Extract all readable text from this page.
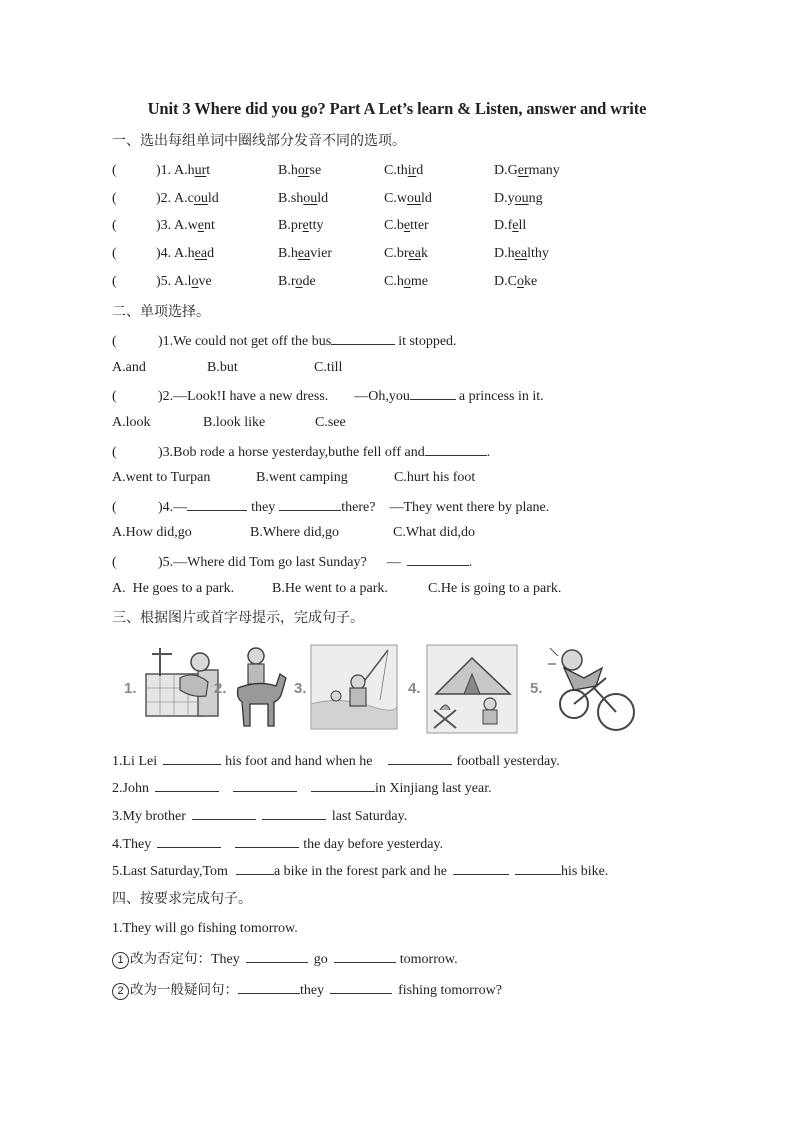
Unit 3 Where did you go? Part A Let’s learn & Listen, answer and write
一、选出每组单词中圈线部分发音不同的选项。
(	)1. A.hurt	B.horse	C.third	D.Germany
(	)2. A.could	B.should	C.would	D.young
(	)3. A.went	B.pretty	C.better	D.fell
(	)4. A.head	B.heavier	C.break	D.healthy
(	)5. A.love	B.rode	C.home	D.Coke
二、单项选择。
(	)1.We could not get off the bus	it stopped.
A.and	B.but	C.till
(	)2.—Look!I have a new dress. —Oh,you	a princess in it.
A.look	B.look like	C.see
(	)3.Bob rode a horse yesterday,buthe fell off and	.
A.went to Turpan	B.went camping	C.hurt his foot
(	)4.—	they	there? —They went there by plane.
A.How did,go	B.Where did,go	C.What did,do
(	)5.—Where did Tom go last Sunday? —	.
A.  He goes to a park.	B.He went to a park.	C.He is going to a park.
三、根据图片或首字母提示，完成句子。
1.	2.	3.	4.	5.
1.Li Lei	his foot and hand when he	football yesterday.
2.John	in Xinjiang last year.
3.My brother	last Saturday.
4.They	the day before yesterday.
5.Last Saturday,Tom	a bike in the forest park and he	his bike.
四、按要求完成句子。
1.They will go fishing tomorrow.
1 改为否定句：They	go	tomorrow.
2 改为一般疑问句：	they	fishing tomorrow?
